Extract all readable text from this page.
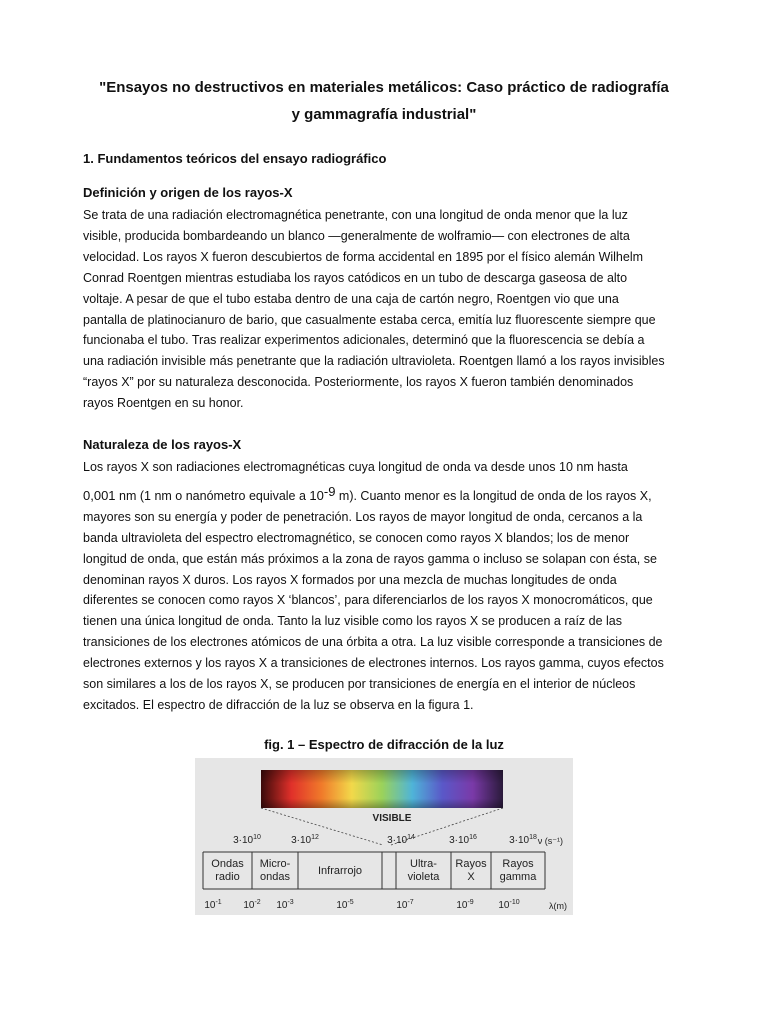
"Ensayos no destructivos en materiales metálicos: Caso práctico de radiografía
y gammagrafía industrial"
1. Fundamentos teóricos del ensayo radiográfico
Definición y origen de los rayos-X

Se trata de una radiación electromagnética penetrante, con una longitud de onda menor que la luz
visible, producida bombardeando un blanco —generalmente de wolframio— con electrones de alta
velocidad. Los rayos X fueron descubiertos de forma accidental en 1895 por el físico alemán Wilhelm
Conrad Roentgen mientras estudiaba los rayos catódicos en un tubo de descarga gaseosa de alto
voltaje. A pesar de que el tubo estaba dentro de una caja de cartón negro, Roentgen vio que una
pantalla de platinocianuro de bario, que casualmente estaba cerca, emitía luz fluorescente siempre que
funcionaba el tubo. Tras realizar experimentos adicionales, determinó que la fluorescencia se debía a
una radiación invisible más penetrante que la radiación ultravioleta. Roentgen llamó a los rayos invisibles
“rayos X” por su naturaleza desconocida. Posteriormente, los rayos X fueron también denominados
rayos Roentgen en su honor.

Naturaleza de los rayos-X

Los rayos X son radiaciones electromagnéticas cuya longitud de onda va desde unos 10 nm hasta
0,001 nm (1 nm o nanómetro equivale a 10-9 m). Cuanto menor es la longitud de onda de los rayos X,
mayores son su energía y poder de penetración. Los rayos de mayor longitud de onda, cercanos a la
banda ultravioleta del espectro electromagnético, se conocen como rayos X blandos; los de menor
longitud de onda, que están más próximos a la zona de rayos gamma o incluso se solapan con ésta, se
denominan rayos X duros. Los rayos X formados por una mezcla de muchas longitudes de onda
diferentes se conocen como rayos X ‘blancos’, para diferenciarlos de los rayos X monocromáticos, que
tienen una única longitud de onda. Tanto la luz visible como los rayos X se producen a raíz de las
transiciones de los electrones atómicos de una órbita a otra. La luz visible corresponde a transiciones de
electrones externos y los rayos X a transiciones de electrones internos. Los rayos gamma, cuyos efectos
son similares a los de los rayos X, se producen por transiciones de energía en el interior de núcleos
excitados. El espectro de difracción de la luz se observa en la figura 1.

fig. 1 – Espectro de difracción de la luz

VISIBLE
$3\cdot 10^{10}$	$3\cdot 10^{12}$	$3\cdot 10^{14}$	$3\cdot 10^{16}$	$3\cdot 10^{18}$ ν (s⁻¹)
Ondas
radio
Micro-
ondas	Infrarrojo
Ultra-
violeta
Rayos
X
Rayos
gamma
$10^{-1}$ $10^{-2}$ $10^{-3}$	$10^{-5}$	$10^{-7}$	$10^{-9}$ $10^{-10}$	λ(m)
